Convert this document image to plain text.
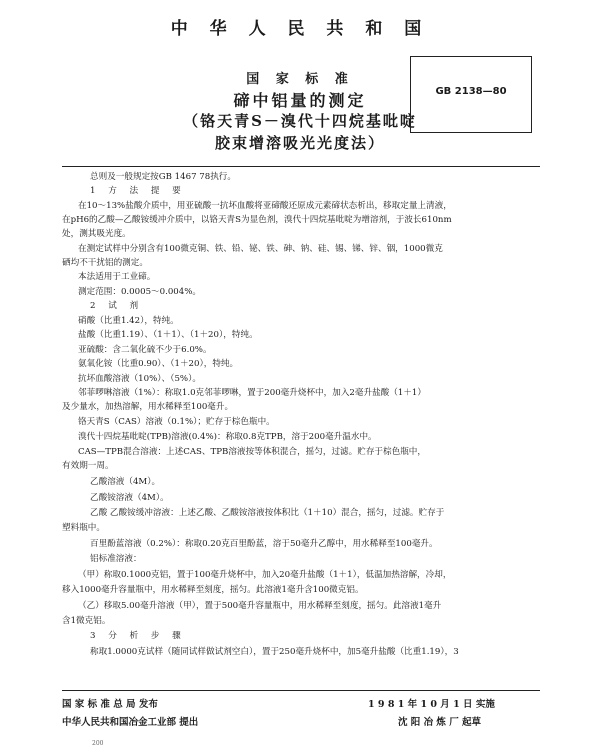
中 华 人 民 共 和 国
国 家 标 准
碲中铝量的测定
（铬天青S－溴代十四烷基吡啶
胶束增溶吸光光度法）
GB 2138—80
总则及一般规定按GB 1467 78执行。
1 方 法 提 要
在10～13%盐酸介质中，用亚硫酸一抗坏血酸将亚碲酸还原成元素碲状态析出，移取定量上清液，
在pH6的乙酸—乙酸铵缓冲介质中，以铬天青S为显色剂，溴代十四烷基吡啶为增溶剂，于波长610nm
处，测其吸光度。
在测定试样中分别含有100微克铜、铁、铅、铋、铁、砷、钠、硅、锡、锑、锌、铟，1000微克
硒均不干扰铝的测定。
本法适用于工业碲。
测定范围：0.0005～0.004%。
2 试 剂
硝酸（比重1.42），特纯。
盐酸（比重1.19）、（1＋1）、（1＋20），特纯。
亚硫酸：含二氧化硫不少于6.0%。
氨氧化铵（比重0.90）、（1＋20），特纯。
抗坏血酸溶液（10%）、（5%）。
邻菲啰啉溶液（1%）：称取1.0克邻菲啰啉，置于200毫升烧杯中，加入2毫升盐酸（1＋1）
及少量水，加热溶解，用水稀释至100毫升。
铬天青S（CAS）溶液（0.1%）；贮存于棕色瓶中。
溴代十四烷基吡啶(TPB)溶液(0.4%)：称取0.8克TPB，溶于200毫升温水中。
CAS—TPB混合溶液：上述CAS、TPB溶液按等体积混合，摇匀，过滤。贮存于棕色瓶中，
有效期一周。
乙酸溶液（4M）。
乙酸铵溶液（4M）。
乙酸 乙酸铵缓冲溶液：上述乙酸、乙酸铵溶液按体积比（1＋10）混合，摇匀，过滤。贮存于
塑料瓶中。
百里酚蓝溶液（0.2%）：称取0.20克百里酚蓝，溶于50毫升乙醇中，用水稀释至100毫升。
铝标准溶液：
（甲）称取0.1000克铝，置于100毫升烧杯中，加入20毫升盐酸（1＋1），低温加热溶解，冷却，
移入1000毫升容量瓶中，用水稀释至刻度，摇匀。此溶液1毫升含100微克铝。
（乙）移取5.00毫升溶液（甲），置于500毫升容量瓶中，用水稀释至刻度，摇匀。此溶液1毫升
含1微克铝。
3 分 析 步 骤
称取1.0000克试样（随同试样做试剂空白），置于250毫升烧杯中，加5毫升盐酸（比重1.19），3
国 家 标 准 总 局 发布	1 9 8 1 年 1 0 月 1 日 实施
中华人民共和国冶金工业部 提出	沈 阳 冶 炼 厂 起草
200
